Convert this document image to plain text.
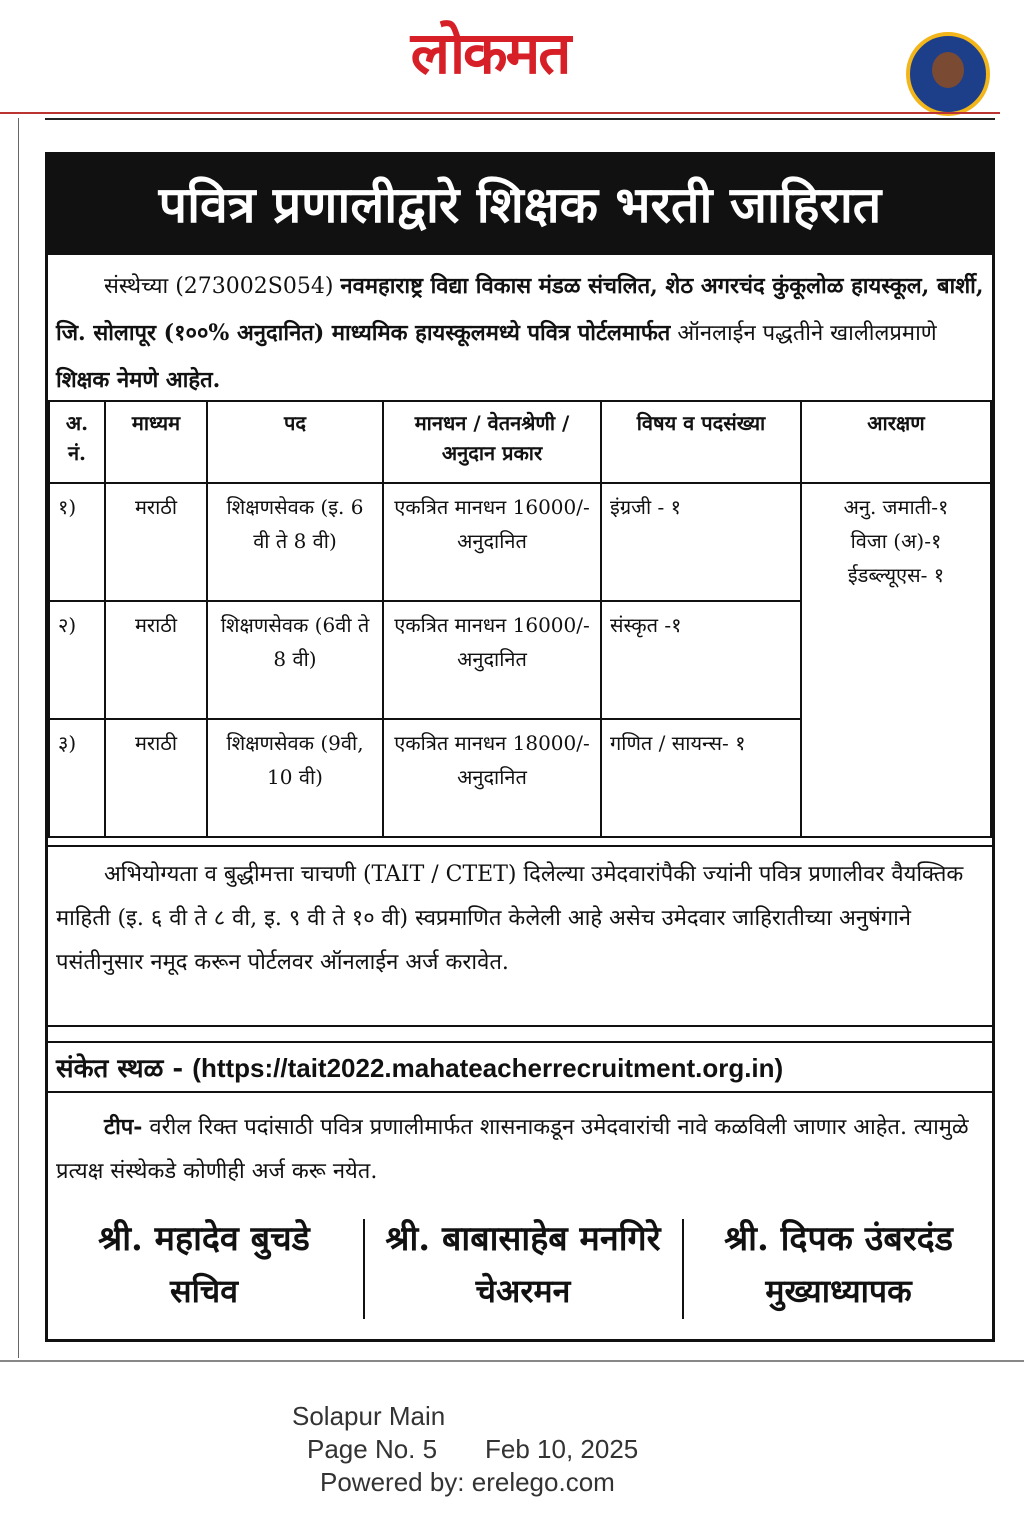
लोकमत
पवित्र प्रणालीद्वारे शिक्षक भरती जाहिरात
संस्थेच्या (273002S054) नवमहाराष्ट्र विद्या विकास मंडळ संचलित, शेठ अगरचंद कुंकूलोळ हायस्कूल, बार्शी, जि. सोलापूर (१००% अनुदानित) माध्यमिक हायस्कूलमध्ये पवित्र पोर्टलमार्फत ऑनलाईन पद्धतीने खालीलप्रमाणे शिक्षक नेमणे आहेत.
अ. नं.	माध्यम	पद	मानधन / वेतनश्रेणी / अनुदान प्रकार	विषय व पदसंख्या	आरक्षण
१)	मराठी	शिक्षणसेवक (इ. 6 वी ते 8 वी)	एकत्रित मानधन 16000/- अनुदानित	इंग्रजी - १	अनु. जमाती-१
विजा (अ)-१
ईडब्ल्यूएस- १

२)	मराठी	शिक्षणसेवक (6वी ते 8 वी)	एकत्रित मानधन 16000/- अनुदानित	संस्कृत -१	
३)	मराठी	शिक्षणसेवक (9वी, 10 वी)	एकत्रित मानधन 18000/- अनुदानित	गणित / सायन्स- १	
अभियोग्यता व बुद्धीमत्ता चाचणी (TAIT / CTET) दिलेल्या उमेदवारांपैकी ज्यांनी पवित्र प्रणालीवर वैयक्तिक माहिती (इ. ६ वी ते ८ वी, इ. ९ वी ते १० वी) स्वप्रमाणित केलेली आहे असेच उमेदवार जाहिरातीच्या अनुषंगाने पसंतीनुसार नमूद करून पोर्टलवर ऑनलाईन अर्ज करावेत.
संकेत स्थळ - (https://tait2022.mahateacherrecruitment.org.in)
टीप- वरील रिक्त पदांसाठी पवित्र प्रणालीमार्फत शासनाकडून उमेदवारांची नावे कळविली जाणार आहेत. त्यामुळे प्रत्यक्ष संस्थेकडे कोणीही अर्ज करू नयेत.
श्री. महादेव बुचडे
सचिव
श्री. बाबासाहेब मनगिरे
चेअरमन
श्री. दिपक उंबरदंड
मुख्याध्यापक
Solapur Main
Page No. 5 Feb 10, 2025
Powered by: erelego.com
